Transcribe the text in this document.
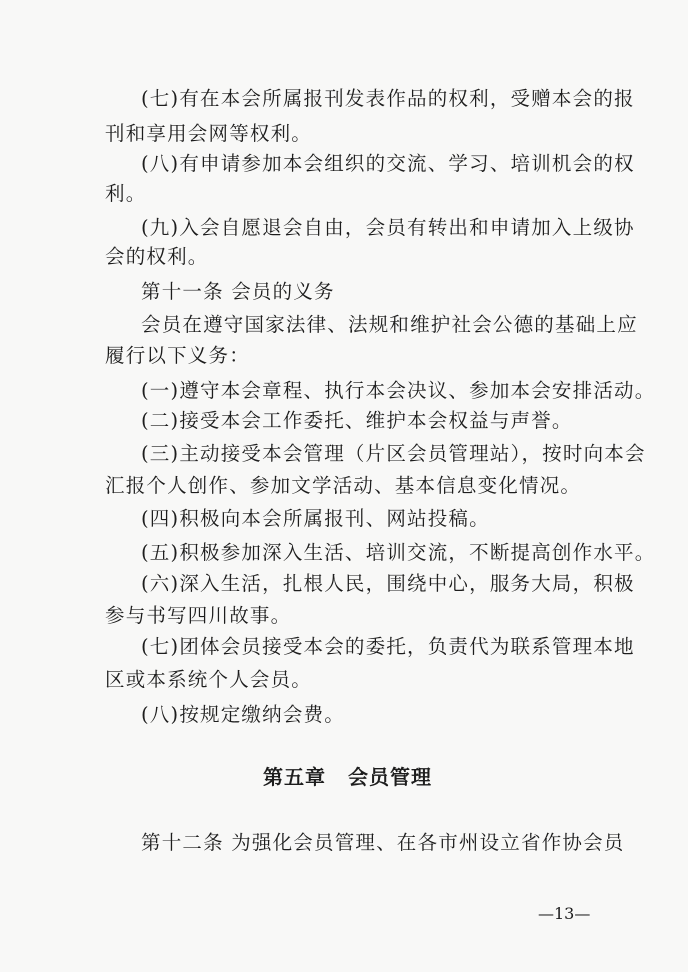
(七)有在本会所属报刊发表作品的权利，受赠本会的报
刊和享用会网等权利。
(八)有申请参加本会组织的交流、学习、培训机会的权
利。
(九)入会自愿退会自由，会员有转出和申请加入上级协
会的权利。
第十一条 会员的义务
会员在遵守国家法律、法规和维护社会公德的基础上应
履行以下义务：
(一)遵守本会章程、执行本会决议、参加本会安排活动。
(二)接受本会工作委托、维护本会权益与声誉。
(三)主动接受本会管理（片区会员管理站），按时向本会
汇报个人创作、参加文学活动、基本信息变化情况。
(四)积极向本会所属报刊、网站投稿。
(五)积极参加深入生活、培训交流，不断提高创作水平。
(六)深入生活，扎根人民，围绕中心，服务大局，积极
参与书写四川故事。
(七)团体会员接受本会的委托，负责代为联系管理本地
区或本系统个人会员。
(八)按规定缴纳会费。
第五章 会员管理
第十二条 为强化会员管理、在各市州设立省作协会员
—13—
